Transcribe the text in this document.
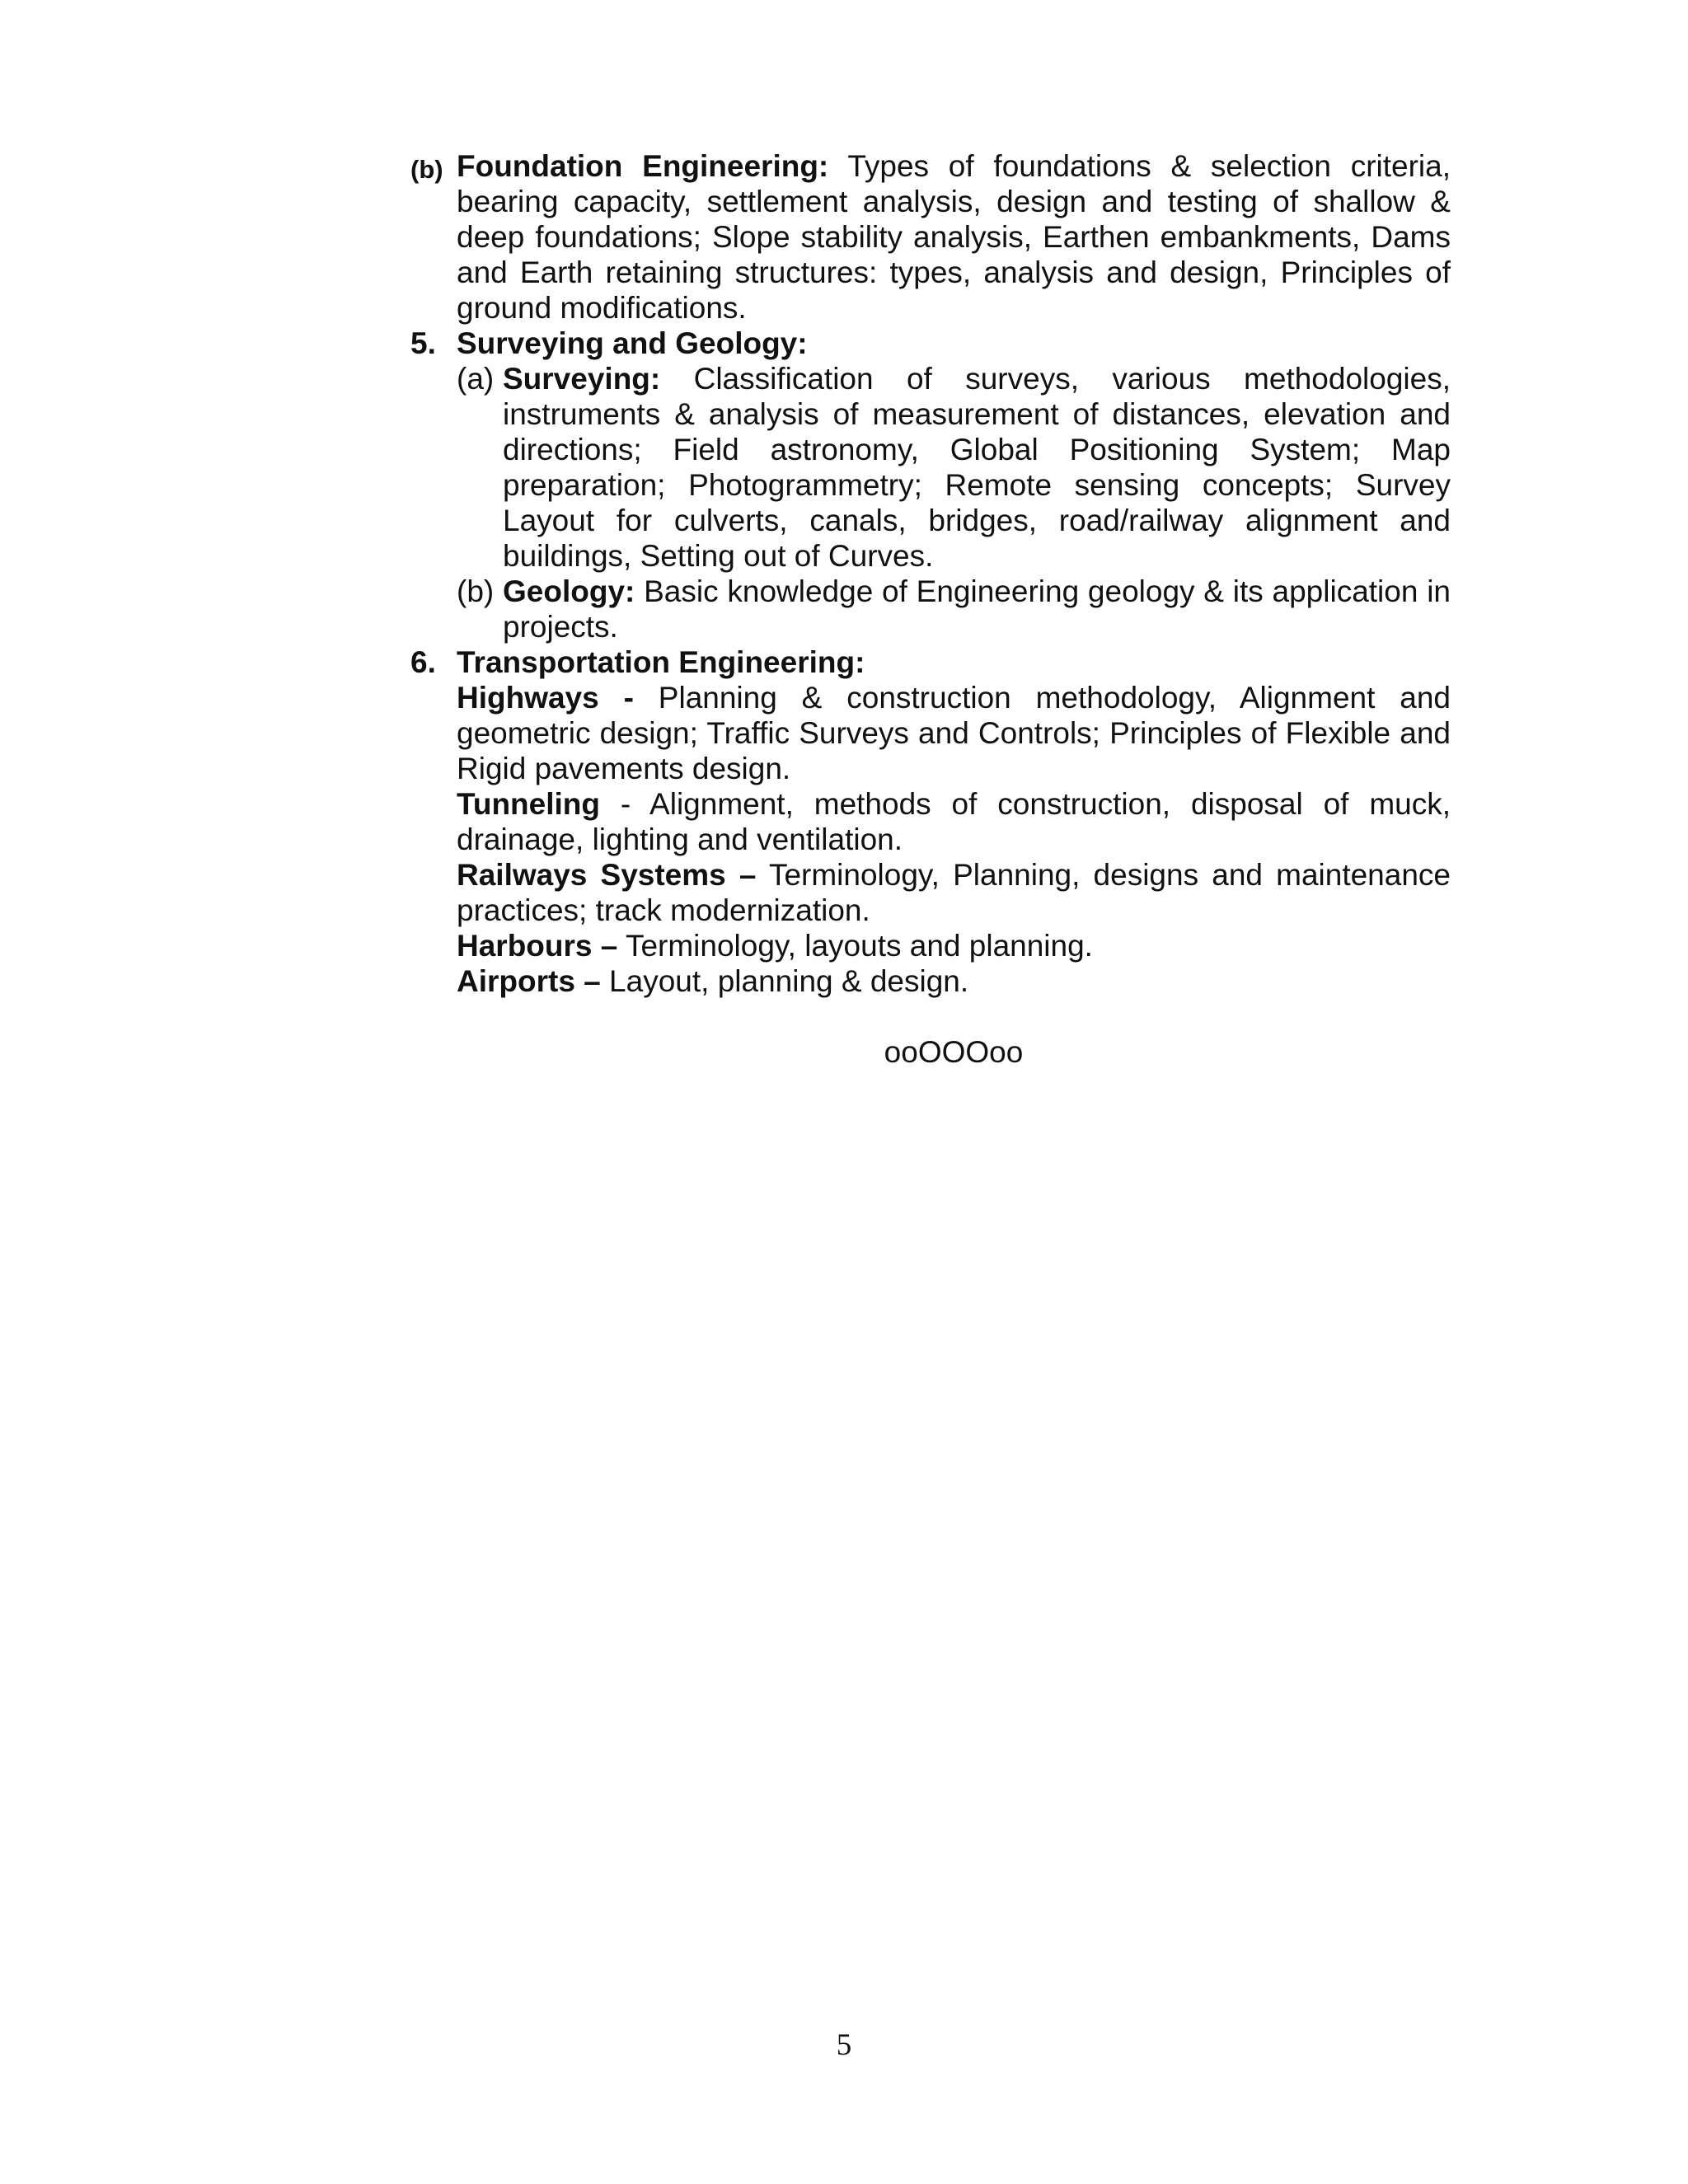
(b) Foundation Engineering: Types of foundations & selection criteria, bearing capacity, settlement analysis, design and testing of shallow & deep foundations; Slope stability analysis, Earthen embankments, Dams and Earth retaining structures: types, analysis and design, Principles of ground modifications.
5. Surveying and Geology:
(a) Surveying: Classification of surveys, various methodologies, instruments & analysis of measurement of distances, elevation and directions; Field astronomy, Global Positioning System; Map preparation; Photogrammetry; Remote sensing concepts; Survey Layout for culverts, canals, bridges, road/railway alignment and buildings, Setting out of Curves.
(b) Geology: Basic knowledge of Engineering geology & its application in projects.
6. Transportation Engineering:
Highways - Planning & construction methodology, Alignment and geometric design; Traffic Surveys and Controls; Principles of Flexible and Rigid pavements design.
Tunneling - Alignment, methods of construction, disposal of muck, drainage, lighting and ventilation.
Railways Systems – Terminology, Planning, designs and maintenance practices; track modernization.
Harbours – Terminology, layouts and planning.
Airports – Layout, planning & design.
ooOOOoo
5
